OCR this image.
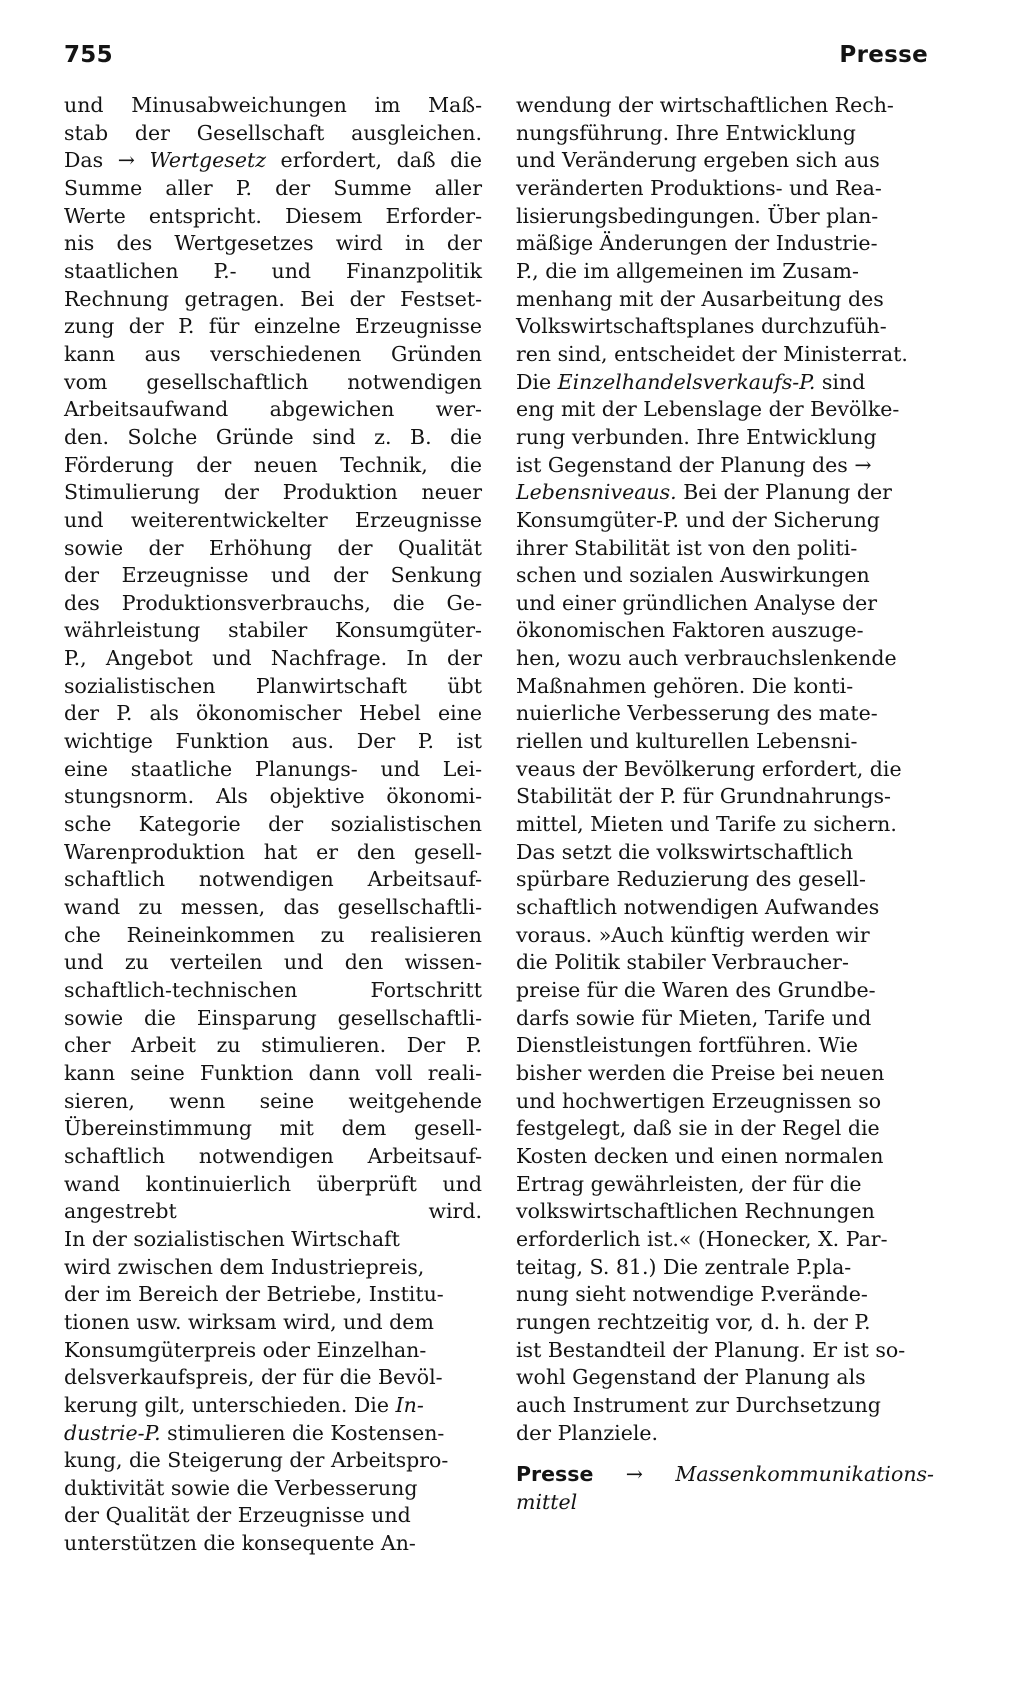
755	Presse
und Minusabweichungen im Maß-
stab der Gesellschaft ausgleichen.
Das → Wertgesetz erfordert, daß die
Summe aller P. der Summe aller
Werte entspricht. Diesem Erforder-
nis des Wertgesetzes wird in der
staatlichen P.- und Finanzpolitik
Rechnung getragen. Bei der Festset-
zung der P. für einzelne Erzeugnisse
kann aus verschiedenen Gründen
vom gesellschaftlich notwendigen
Arbeitsaufwand abgewichen wer-
den. Solche Gründe sind z. B. die
Förderung der neuen Technik, die
Stimulierung der Produktion neuer
und weiterentwickelter Erzeugnisse
sowie der Erhöhung der Qualität
der Erzeugnisse und der Senkung
des Produktionsverbrauchs, die Ge-
währleistung stabiler Konsumgüter-
P., Angebot und Nachfrage. In der
sozialistischen Planwirtschaft übt
der P. als ökonomischer Hebel eine
wichtige Funktion aus. Der P. ist
eine staatliche Planungs- und Lei-
stungsnorm. Als objektive ökonomi-
sche Kategorie der sozialistischen
Warenproduktion hat er den gesell-
schaftlich notwendigen Arbeitsauf-
wand zu messen, das gesellschaftli-
che Reineinkommen zu realisieren
und zu verteilen und den wissen-
schaftlich-technischen Fortschritt
sowie die Einsparung gesellschaftli-
cher Arbeit zu stimulieren. Der P.
kann seine Funktion dann voll reali-
sieren, wenn seine weitgehende
Übereinstimmung mit dem gesell-
schaftlich notwendigen Arbeitsauf-
wand kontinuierlich überprüft und
angestrebt wird.
In der sozialistischen Wirtschaft
wird zwischen dem Industriepreis,
der im Bereich der Betriebe, Institu-
tionen usw. wirksam wird, und dem
Konsumgüterpreis oder Einzelhan-
delsverkaufspreis, der für die Bevöl-
kerung gilt, unterschieden. Die In-
dustrie-P. stimulieren die Kostensen-
kung, die Steigerung der Arbeitspro-
duktivität sowie die Verbesserung
der Qualität der Erzeugnisse und
unterstützen die konsequente An-
wendung der wirtschaftlichen Rech-
nungsführung. Ihre Entwicklung
und Veränderung ergeben sich aus
veränderten Produktions- und Rea-
lisierungsbedingungen. Über plan-
mäßige Änderungen der Industrie-
P., die im allgemeinen im Zusam-
menhang mit der Ausarbeitung des
Volkswirtschaftsplanes durchzufüh-
ren sind, entscheidet der Ministerrat.
Die Einzelhandelsverkaufs-P. sind
eng mit der Lebenslage der Bevölke-
rung verbunden. Ihre Entwicklung
ist Gegenstand der Planung des →
Lebensniveaus. Bei der Planung der
Konsumgüter-P. und der Sicherung
ihrer Stabilität ist von den politi-
schen und sozialen Auswirkungen
und einer gründlichen Analyse der
ökonomischen Faktoren auszuge-
hen, wozu auch verbrauchslenkende
Maßnahmen gehören. Die konti-
nuierliche Verbesserung des mate-
riellen und kulturellen Lebensni-
veaus der Bevölkerung erfordert, die
Stabilität der P. für Grundnahrungs-
mittel, Mieten und Tarife zu sichern.
Das setzt die volkswirtschaftlich
spürbare Reduzierung des gesell-
schaftlich notwendigen Aufwandes
voraus. »Auch künftig werden wir
die Politik stabiler Verbraucher-
preise für die Waren des Grundbe-
darfs sowie für Mieten, Tarife und
Dienstleistungen fortführen. Wie
bisher werden die Preise bei neuen
und hochwertigen Erzeugnissen so
festgelegt, daß sie in der Regel die
Kosten decken und einen normalen
Ertrag gewährleisten, der für die
volkswirtschaftlichen Rechnungen
erforderlich ist.« (Honecker, X. Par-
teitag, S. 81.) Die zentrale P.pla-
nung sieht notwendige P.verände-
rungen rechtzeitig vor, d. h. der P.
ist Bestandteil der Planung. Er ist so-
wohl Gegenstand der Planung als
auch Instrument zur Durchsetzung
der Planziele.
Presse → Massenkommunikations-
mittel
